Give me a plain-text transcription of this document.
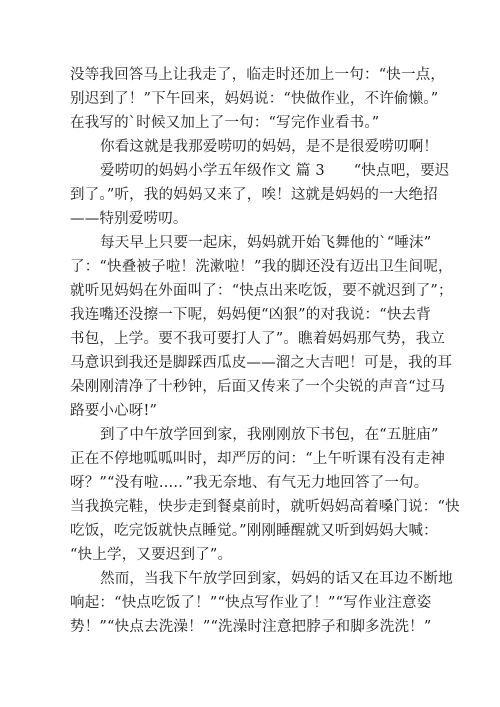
没等我回答马上让我走了，临走时还加上一句：“快一点，
别迟到了！”下午回来，妈妈说：“快做作业，不许偷懒。”
在我写的`时候又加上了一句：“写完作业看书。”
你看这就是我那爱唠叨的妈妈，是不是很爱唠叨啊！
爱唠叨的妈妈小学五年级作文 篇 3      “快点吧，要迟
到了。”听，我的妈妈又来了，唉！这就是妈妈的一大绝招
——特别爱唠叨。
每天早上只要一起床，妈妈就开始飞舞他的`“唾沫”
了：“快叠被子啦！洗漱啦！”我的脚还没有迈出卫生间呢，
就听见妈妈在外面叫了：“快点出来吃饭，要不就迟到了”；
我连嘴还没擦一下呢，妈妈便“凶狠”的对我说：“快去背
书包，上学。要不我可要打人了”。瞧着妈妈那气势，我立
马意识到我还是脚踩西瓜皮——溜之大吉吧！可是，我的耳
朵刚刚清净了十秒钟，后面又传来了一个尖锐的声音“过马
路要小心呀!”
到了中午放学回到家，我刚刚放下书包，在“五脏庙”
正在不停地呱呱叫时，却严厉的问：“上午听课有没有走神
呀？”“没有啦….．”我无奈地、有气无力地回答了一句。
当我换完鞋，快步走到餐桌前时，就听妈妈高着嗓门说：“快
吃饭，吃完饭就快点睡觉。”刚刚睡醒就又听到妈妈大喊：
“快上学，又要迟到了”。
然而，当我下午放学回到家，妈妈的话又在耳边不断地
响起：“快点吃饭了！”“快点写作业了！”“写作业注意姿
势！”“快点去洗澡！”“洗澡时注意把脖子和脚多洗洗！”
